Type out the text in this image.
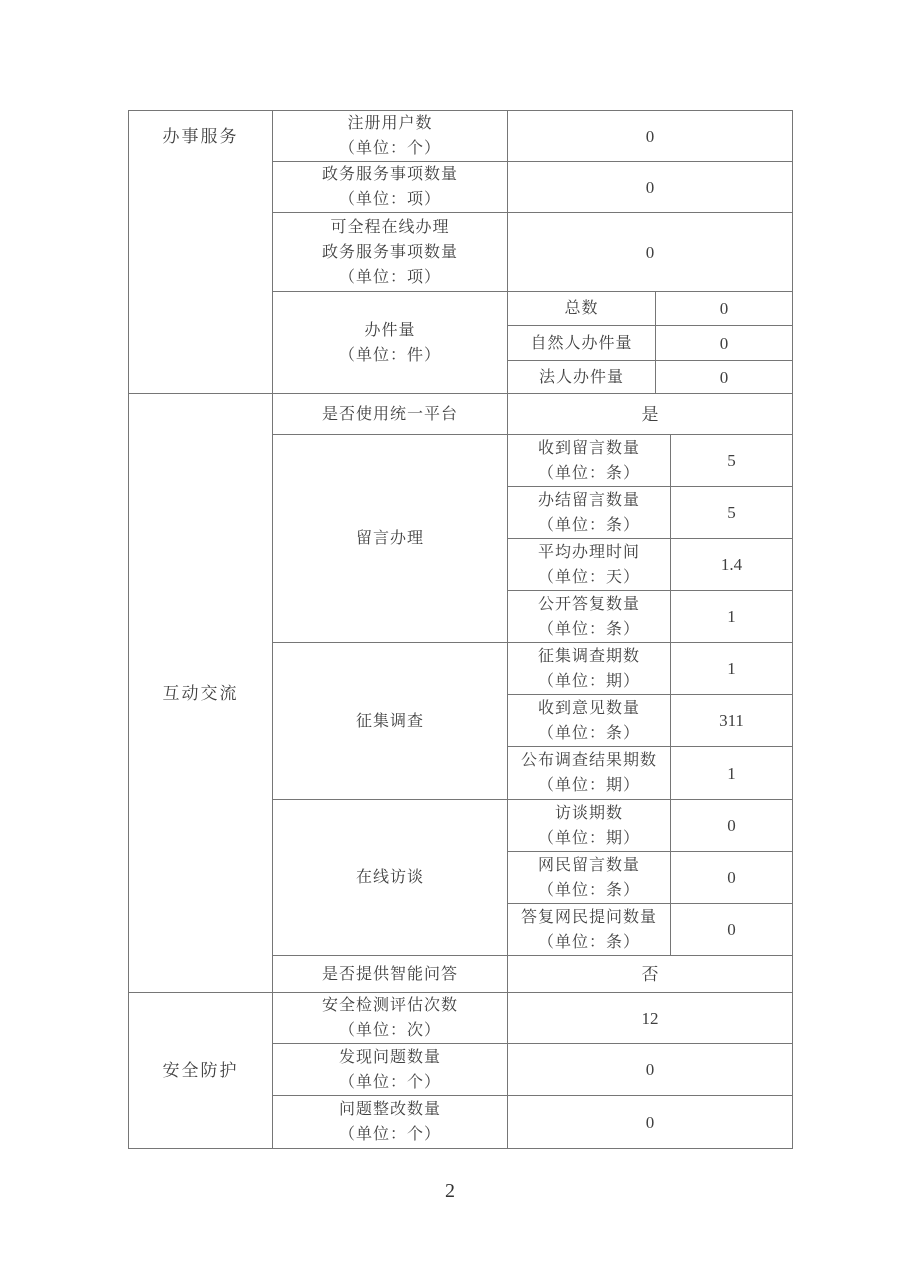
办事服务	注册用户数
（单位：个）	0	

	政务服务事项数量
（单位：项）	0	

	可全程在线办理
政务服务事项数量
（单位：项）	0	

	办件量
（单位：件）	总数	0
		自然人办件量	0
		法人办件量	0
互动交流	是否使用统一平台	是	
	留言办理	收到留言数量
（单位：条）	5

		办结留言数量
（单位：条）	5

		平均办理时间
（单位：天）	1.4

		公开答复数量
（单位：条）	1
	征集调查	征集调查期数
（单位：期）	1

		收到意见数量
（单位：条）	311

		公布调查结果期数
（单位：期）	1
	在线访谈	访谈期数
（单位：期）	0

		网民留言数量
（单位：条）	0

		答复网民提问数量
（单位：条）	0
	是否提供智能问答	否	
安全防护	安全检测评估次数
（单位：次）	12

	发现问题数量
（单位：个）	0

	问题整改数量
（单位：个）	0
2
